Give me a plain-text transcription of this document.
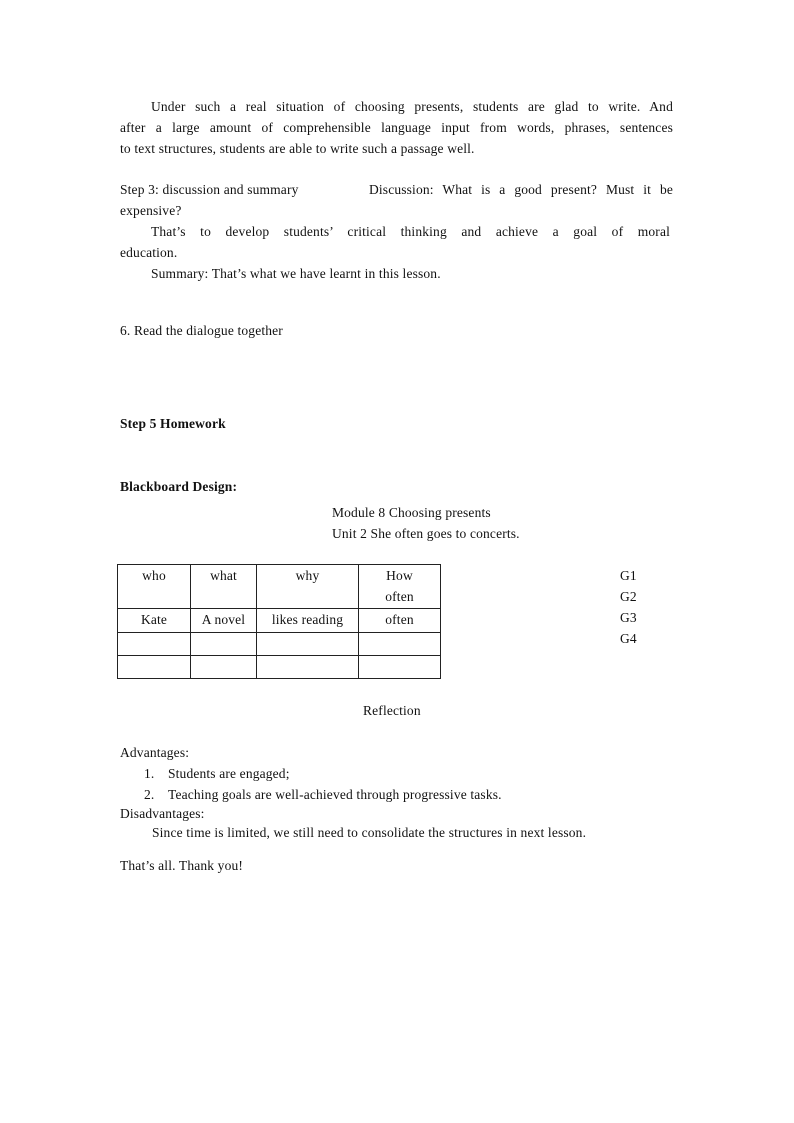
Under such a real situation of choosing presents, students are glad to write. And
after a large amount of comprehensible language input from words, phrases, sentences
to text structures, students are able to write such a passage well.
Step 3: discussion and summary	Discussion: What is a good present? Must it be
expensive?
That’s to develop students’ critical thinking and achieve a goal of moral
education.
Summary: That’s what we have learnt in this lesson.
6. Read the dialogue together
Step 5 Homework
Blackboard Design:
Module 8 Choosing presents
Unit 2 She often goes to concerts.
who	what	why	How often
Kate	A novel	likes reading	often

G1
G2
G3
G4
Reflection
Advantages:
1. Students are engaged;
2. Teaching goals are well-achieved through progressive tasks.
Disadvantages:
Since time is limited, we still need to consolidate the structures in next lesson.
That’s all. Thank you!
